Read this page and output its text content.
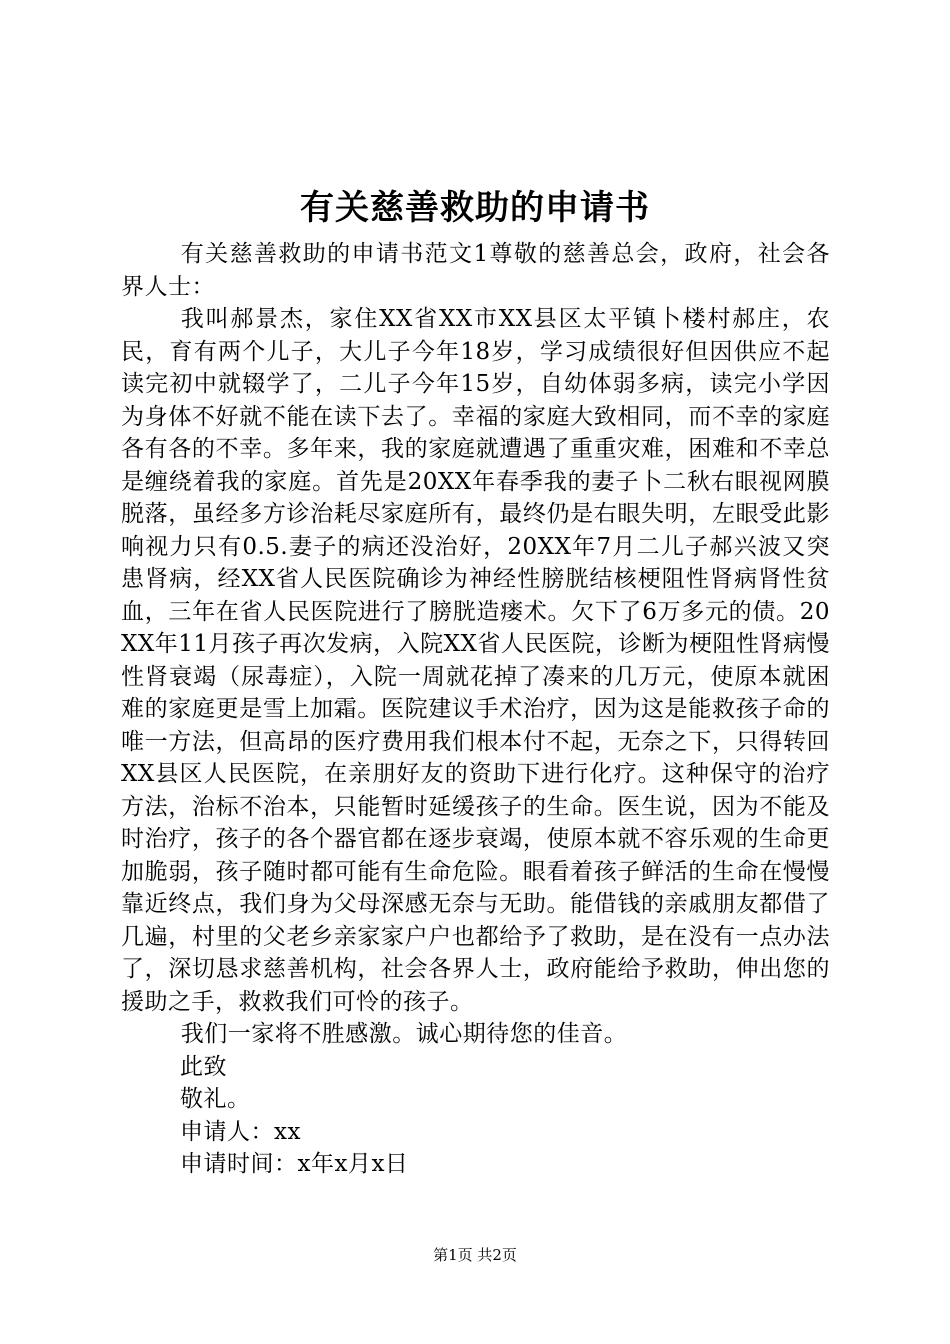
有关慈善救助的申请书

有关慈善救助的申请书范文1尊敬的慈善总会，政府，社会各界人士：

我叫郝景杰，家住XX省XX市XX县区太平镇卜楼村郝庄，农民，育有两个儿子，大儿子今年18岁，学习成绩很好但因供应不起读完初中就辍学了，二儿子今年15岁，自幼体弱多病，读完小学因为身体不好就不能在读下去了。幸福的家庭大致相同，而不幸的家庭各有各的不幸。多年来，我的家庭就遭遇了重重灾难，困难和不幸总是缠绕着我的家庭。首先是20XX年春季我的妻子卜二秋右眼视网膜脱落，虽经多方诊治耗尽家庭所有，最终仍是右眼失明，左眼受此影响视力只有0.5.妻子的病还没治好，20XX年7月二儿子郝兴波又突患肾病，经XX省人民医院确诊为神经性膀胱结核梗阻性肾病肾性贫血，三年在省人民医院进行了膀胱造瘘术。欠下了6万多元的债。20XX年11月孩子再次发病，入院XX省人民医院，诊断为梗阻性肾病慢性肾衰竭（尿毒症），入院一周就花掉了凑来的几万元，使原本就困难的家庭更是雪上加霜。医院建议手术治疗，因为这是能救孩子命的唯一方法，但高昂的医疗费用我们根本付不起，无奈之下，只得转回XX县区人民医院，在亲朋好友的资助下进行化疗。这种保守的治疗方法，治标不治本，只能暂时延缓孩子的生命。医生说，因为不能及时治疗，孩子的各个器官都在逐步衰竭，使原本就不容乐观的生命更加脆弱，孩子随时都可能有生命危险。眼看着孩子鲜活的生命在慢慢靠近终点，我们身为父母深感无奈与无助。能借钱的亲戚朋友都借了几遍，村里的父老乡亲家家户户也都给予了救助，是在没有一点办法了，深切恳求慈善机构，社会各界人士，政府能给予救助，伸出您的援助之手，救救我们可怜的孩子。

我们一家将不胜感激。诚心期待您的佳音。

此致

敬礼。

申请人：xx

申请时间：x年x月x日

第1页 共2页
